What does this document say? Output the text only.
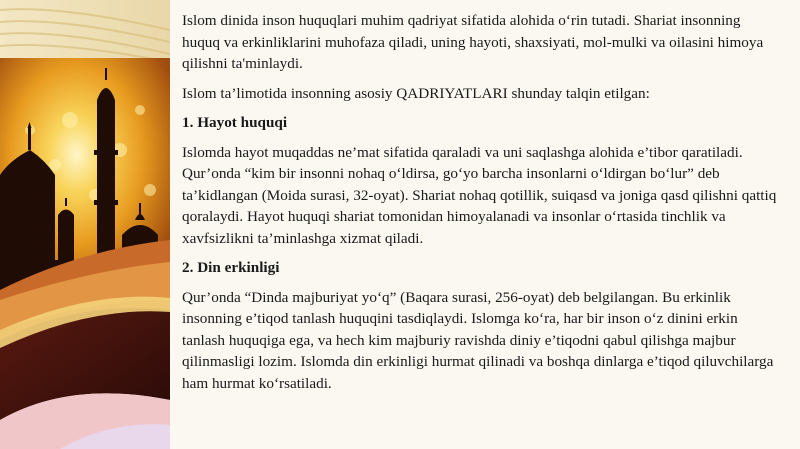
Islom dinida inson huquqlari muhim qadriyat sifatida alohida o‘rin tutadi. Shariat insonning huquq va erkinliklarini muhofaza qiladi, uning hayoti, shaxsiyati, mol-mulki va oilasini himoya qilishni ta'minlaydi.

Islom ta’limotida insonning asosiy QADRIYATLARI shunday talqin etilgan:

1. Hayot huquqi

Islomda hayot muqaddas ne’mat sifatida qaraladi va uni saqlashga alohida e’tibor qaratiladi. Qur’onda “kim bir insonni nohaq o‘ldirsa, go‘yo barcha insonlarni o‘ldirgan bo‘lur” deb ta’kidlangan (Moida surasi, 32-oyat). Shariat nohaq qotillik, suiqasd va joniga qasd qilishni qattiq qoralaydi. Hayot huquqi shariat tomonidan himoyalanadi va insonlar o‘rtasida tinchlik va xavfsizlikni ta’minlashga xizmat qiladi.

2. Din erkinligi

Qur’onda “Dinda majburiyat yo‘q” (Baqara surasi, 256-oyat) deb belgilangan. Bu erkinlik insonning e’tiqod tanlash huquqini tasdiqlaydi. Islomga ko‘ra, har bir inson o‘z dinini erkin tanlash huquqiga ega, va hech kim majburiy ravishda diniy e’tiqodni qabul qilishga majbur qilinmasligi lozim. Islomda din erkinligi hurmat qilinadi va boshqa dinlarga e’tiqod qiluvchilarga ham hurmat ko‘rsatiladi.
